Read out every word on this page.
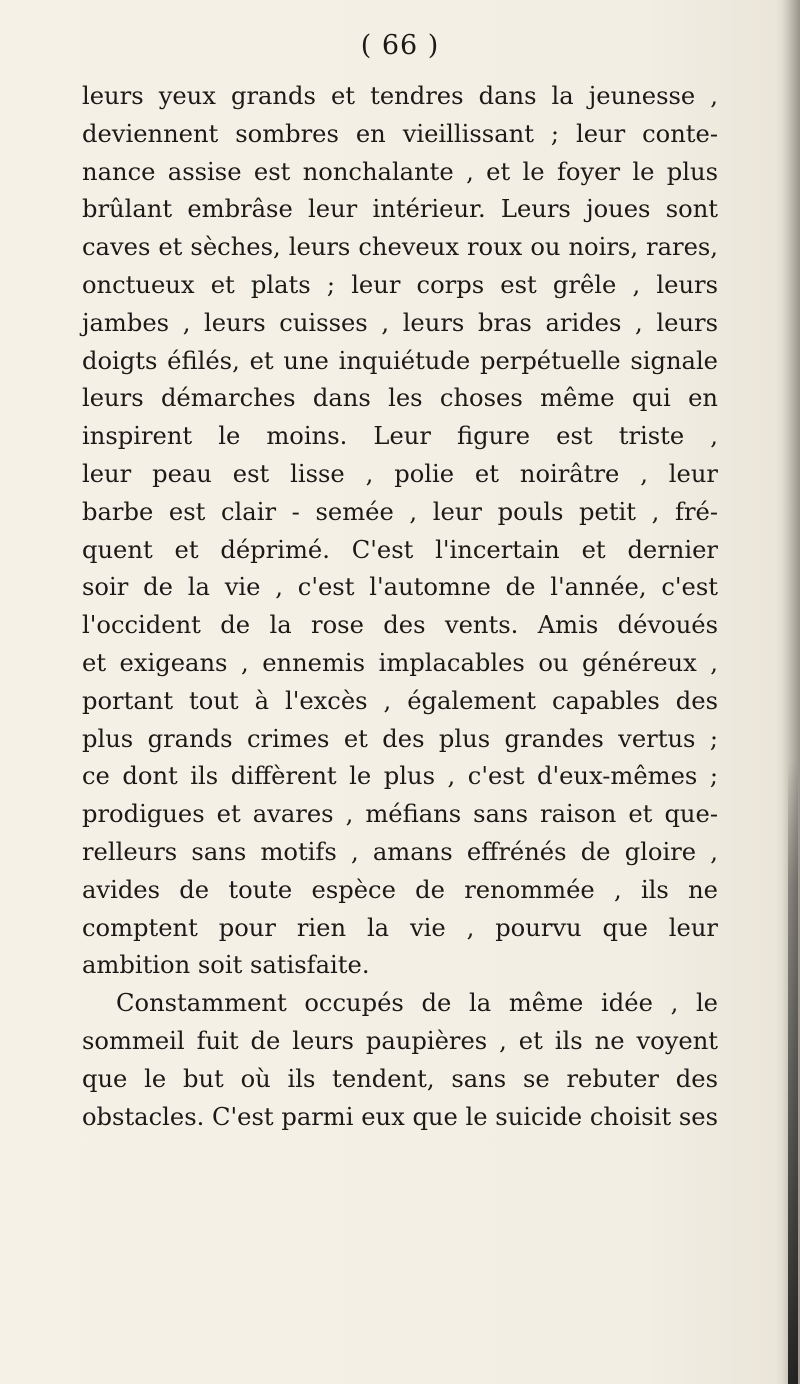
( 66 )
leurs yeux grands et tendres dans la jeunesse ,
deviennent sombres en vieillissant ; leur conte-
nance assise est nonchalante , et le foyer le plus
brûlant embrâse leur intérieur. Leurs joues sont
caves et sèches, leurs cheveux roux ou noirs, rares,
onctueux et plats ; leur corps est grêle , leurs
jambes , leurs cuisses , leurs bras arides , leurs
doigts éfilés, et une inquiétude perpétuelle signale
leurs démarches dans les choses même qui en
inspirent le moins. Leur figure est triste ,
leur peau est lisse , polie et noirâtre , leur
barbe est clair - semée , leur pouls petit , fré-
quent et déprimé. C'est l'incertain et dernier
soir de la vie , c'est l'automne de l'année, c'est
l'occident de la rose des vents. Amis dévoués
et exigeans , ennemis implacables ou généreux ,
portant tout à l'excès , également capables des
plus grands crimes et des plus grandes vertus ;
ce dont ils diffèrent le plus , c'est d'eux-mêmes ;
prodigues et avares , méfians sans raison et que-
relleurs sans motifs , amans effrénés de gloire ,
avides de toute espèce de renommée , ils ne
comptent pour rien la vie , pourvu que leur
ambition soit satisfaite.
Constamment occupés de la même idée , le
sommeil fuit de leurs paupières , et ils ne voyent
que le but où ils tendent, sans se rebuter des
obstacles. C'est parmi eux que le suicide choisit ses
